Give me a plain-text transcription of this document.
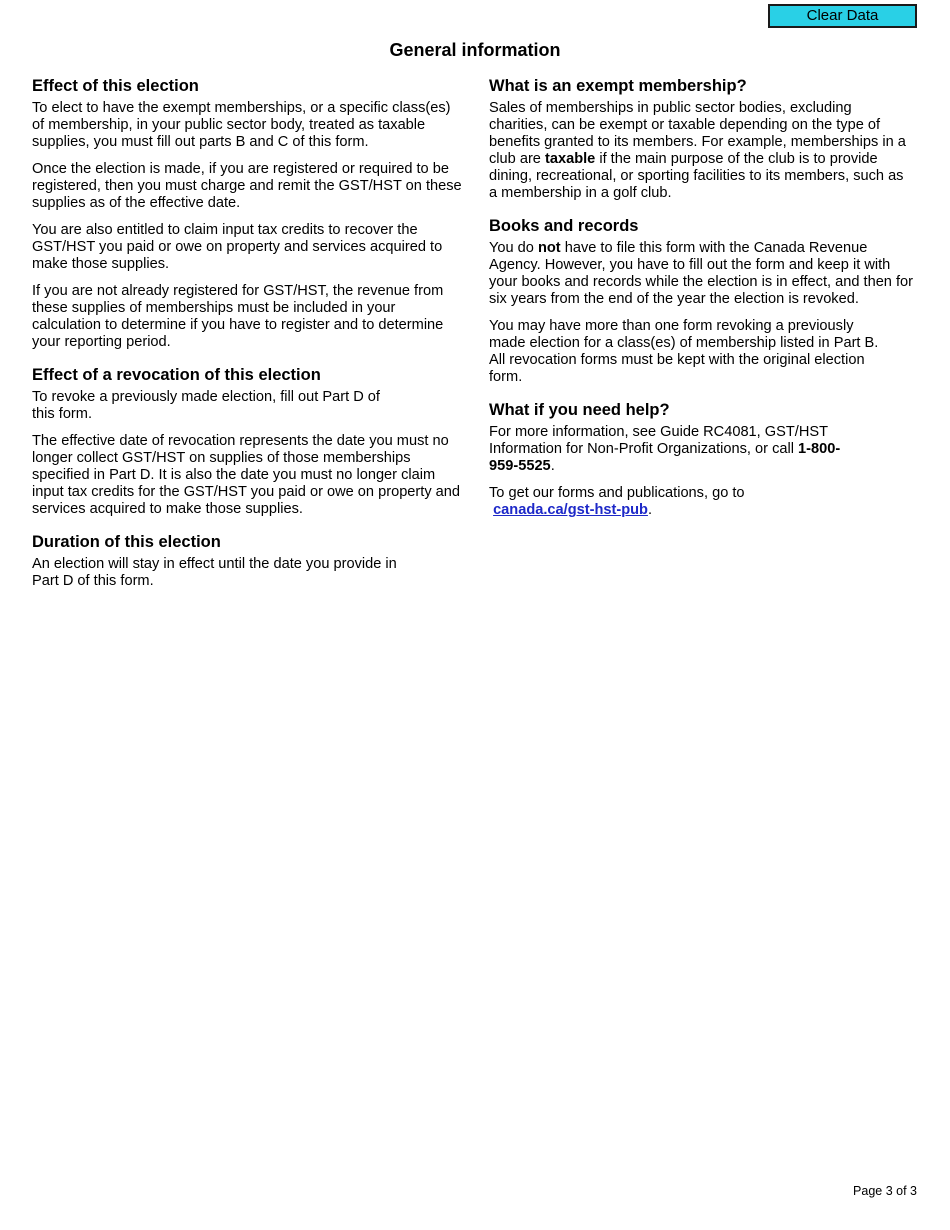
Clear Data
General information
Effect of this election

To elect to have the exempt memberships, or a specific class(es) of membership, in your public sector body, treated as taxable supplies, you must fill out parts B and C of this form.

Once the election is made, if you are registered or required to be registered, then you must charge and remit the GST/HST on these supplies as of the effective date.

You are also entitled to claim input tax credits to recover the GST/HST you paid or owe on property and services acquired to make those supplies.

If you are not already registered for GST/HST, the revenue from these supplies of memberships must be included in your calculation to determine if you have to register and to determine your reporting period.

Effect of a revocation of this election

To revoke a previously made election, fill out Part D of this form.

The effective date of revocation represents the date you must no longer collect GST/HST on supplies of those memberships specified in Part D. It is also the date you must no longer claim input tax credits for the GST/HST you paid or owe on property and services acquired to make those supplies.

Duration of this election

An election will stay in effect until the date you provide in Part D of this form.

What is an exempt membership?

Sales of memberships in public sector bodies, excluding charities, can be exempt or taxable depending on the type of benefits granted to its members. For example, memberships in a club are taxable if the main purpose of the club is to provide dining, recreational, or sporting facilities to its members, such as a membership in a golf club.

Books and records

You do not have to file this form with the Canada Revenue Agency. However, you have to fill out the form and keep it with your books and records while the election is in effect, and then for six years from the end of the year the election is revoked.

You may have more than one form revoking a previously made election for a class(es) of membership listed in Part B. All revocation forms must be kept with the original election form.

What if you need help?

For more information, see Guide RC4081, GST/HST Information for Non-Profit Organizations, or call 1-800-959-5525.

To get our forms and publications, go to
canada.ca/gst-hst-pub.

Page 3 of 3
